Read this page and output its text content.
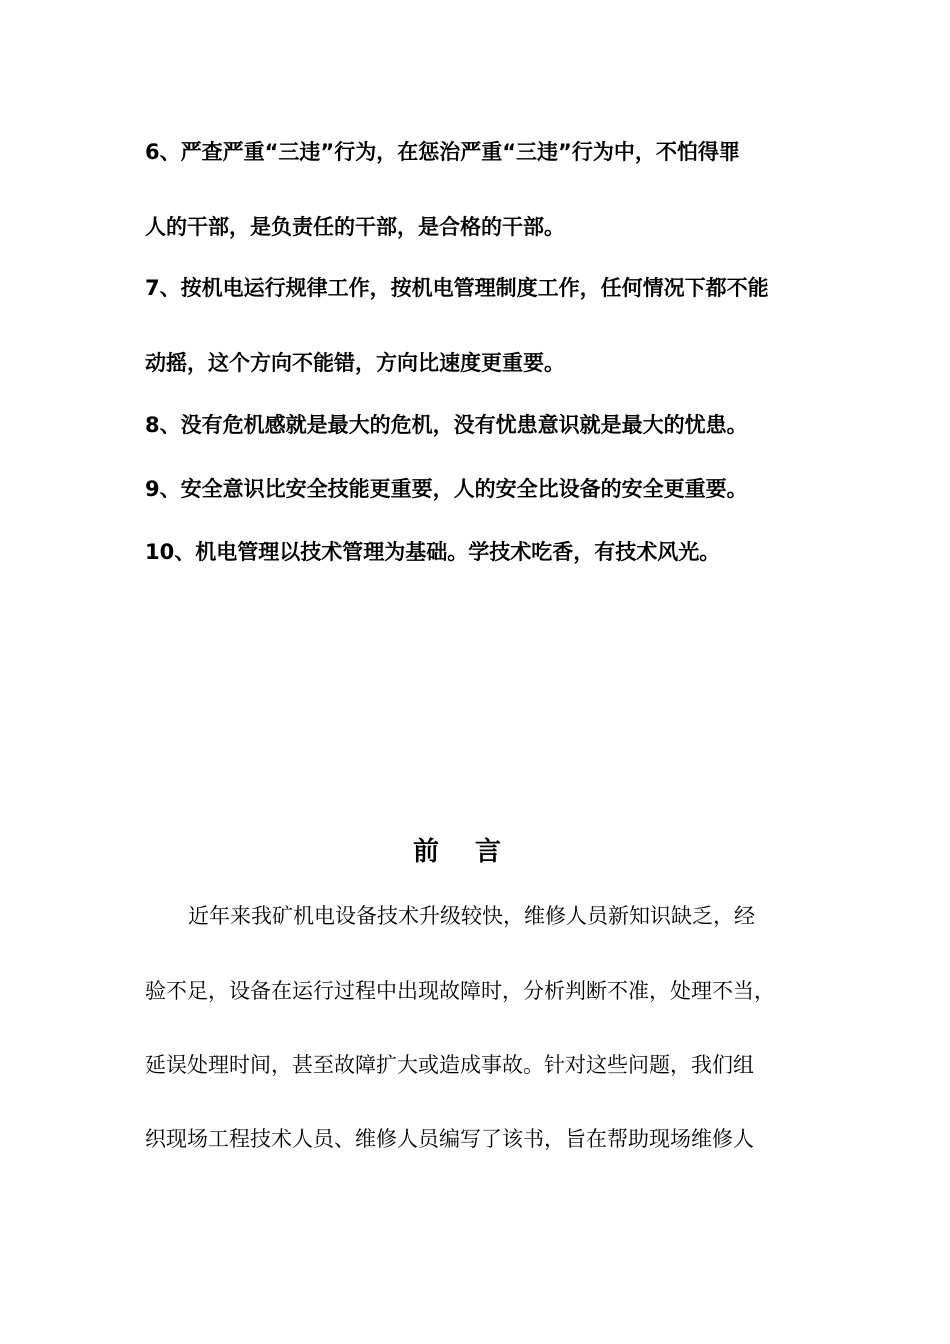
6、严查严重“三违”行为，在惩治严重“三违”行为中，不怕得罪
人的干部，是负责任的干部，是合格的干部。
7、按机电运行规律工作，按机电管理制度工作，任何情况下都不能
动摇，这个方向不能错，方向比速度更重要。
8、没有危机感就是最大的危机，没有忧患意识就是最大的忧患。
9、安全意识比安全技能更重要，人的安全比设备的安全更重要。
10、机电管理以技术管理为基础。学技术吃香，有技术风光。
前言
近年来我矿机电设备技术升级较快，维修人员新知识缺乏，经
验不足，设备在运行过程中出现故障时，分析判断不准，处理不当，
延误处理时间，甚至故障扩大或造成事故。针对这些问题，我们组
织现场工程技术人员、维修人员编写了该书，旨在帮助现场维修人
